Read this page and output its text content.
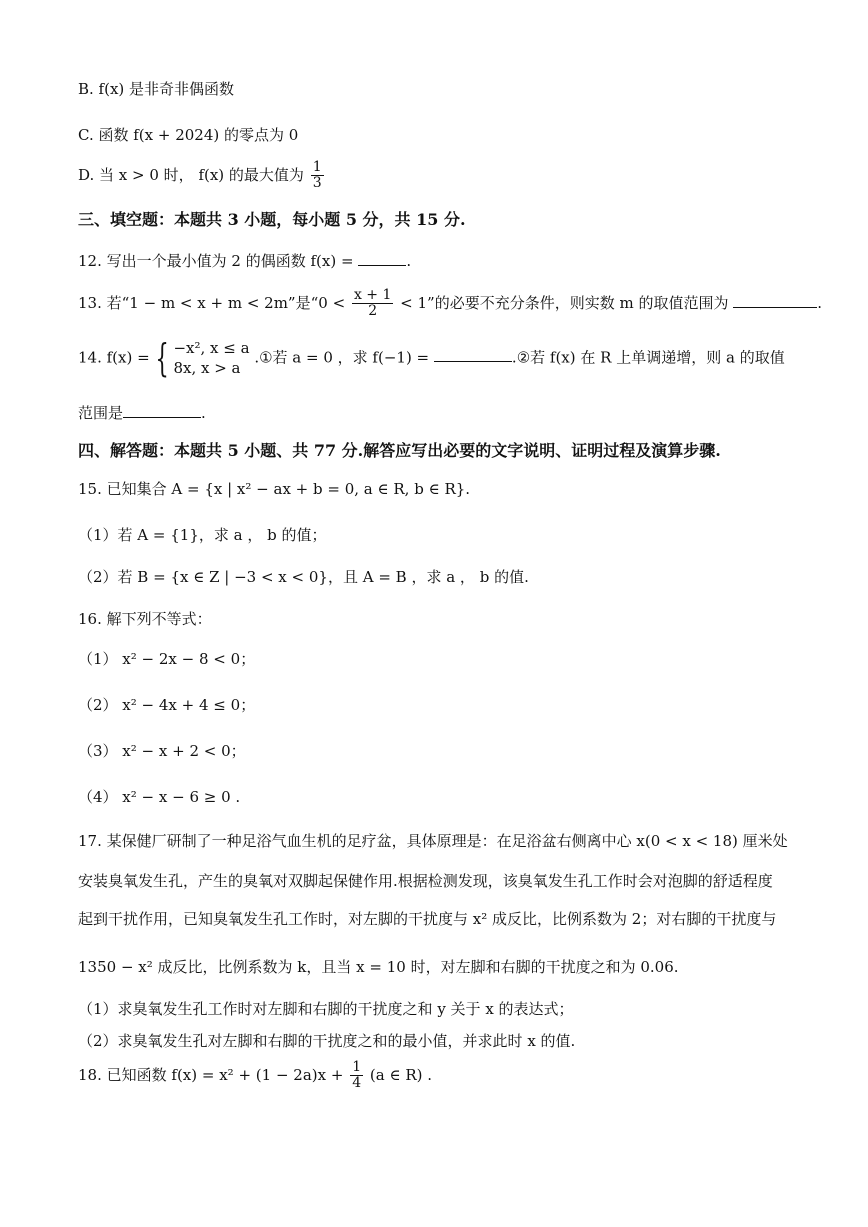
B. f(x) 是非奇非偶函数
C. 函数 f(x + 2024) 的零点为 0
D. 当 x > 0 时， f(x) 的最大值为 $\frac{1}{3}$
三、填空题：本题共 3 小题，每小题 5 分，共 15 分.
12. 写出一个最小值为 2 的偶函数 f(x) =	.
13. 若“1 − m < x + m < 2m”是“$0 < \frac{x + 1}{2} < 1$”的必要不充分条件，则实数 m 的取值范围为	.
14. f(x) = { −x², x ≤ a
8x, x > a
.①若 a = 0 ，求 f(−1) =	.②若 f(x) 在 R 上单调递增，则 a 的取值
范围是	.
四、解答题：本题共 5 小题、共 77 分.解答应写出必要的文字说明、证明过程及演算步骤.
15. 已知集合 A = {x | x² − ax + b = 0, a ∈ R, b ∈ R}.
（1）若 A = {1}，求 a ， b 的值；
（2）若 B = {x ∈ Z | −3 < x < 0}，且 A = B ，求 a ， b 的值.
16. 解下列不等式：
（1） x² − 2x − 8 < 0；
（2） x² − 4x + 4 ≤ 0；
（3） x² − x + 2 < 0；
（4） x² − x − 6 ≥ 0 .
17. 某保健厂研制了一种足浴气血生机的足疗盆，具体原理是：在足浴盆右侧离中心 x(0 < x < 18) 厘米处
安装臭氧发生孔，产生的臭氧对双脚起保健作用.根据检测发现，该臭氧发生孔工作时会对泡脚的舒适程度
起到干扰作用，已知臭氧发生孔工作时，对左脚的干扰度与 x² 成反比，比例系数为 2；对右脚的干扰度与
1350 − x² 成反比，比例系数为 k，且当 x = 10 时，对左脚和右脚的干扰度之和为 0.06.
（1）求臭氧发生孔工作时对左脚和右脚的干扰度之和 y 关于 x 的表达式；
（2）求臭氧发生孔对左脚和右脚的干扰度之和的最小值，并求此时 x 的值.
18. 已知函数 $f(x) = x^2 + (1 - 2a)x + \frac{1}{4} (a$ ∈ R) .
